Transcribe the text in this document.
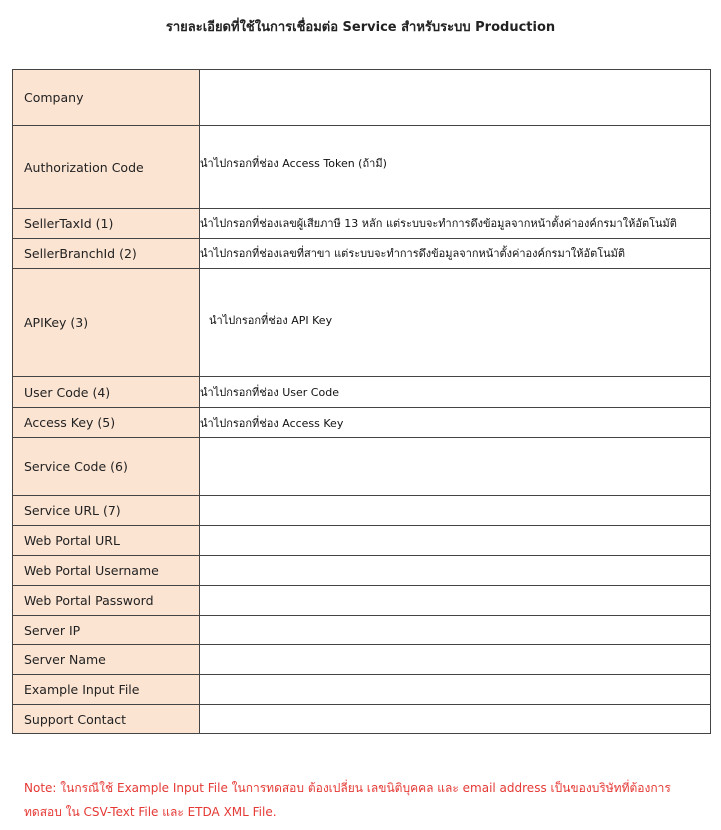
รายละเอียดที่ใช้ในการเชื่อมต่อ Service สำหรับระบบ Production
Company	
Authorization Code	นำไปกรอกที่ช่อง Access Token (ถ้ามี)
SellerTaxId (1)	นำไปกรอกที่ช่องเลขผู้เสียภาษี 13 หลัก แต่ระบบจะทำการดึงข้อมูลจากหน้าตั้งค่าองค์กรมาให้อัตโนมัติ
SellerBranchId (2)	นำไปกรอกที่ช่องเลขที่สาขา แต่ระบบจะทำการดึงข้อมูลจากหน้าตั้งค่าองค์กรมาให้อัตโนมัติ
APIKey (3)	นำไปกรอกที่ช่อง API Key
User Code (4)	นำไปกรอกที่ช่อง User Code
Access Key (5)	นำไปกรอกที่ช่อง Access Key
Service Code (6)	
Service URL (7)	
Web Portal URL	
Web Portal Username	
Web Portal Password	
Server IP	
Server Name	
Example Input File	
Support Contact	
Note: ในกรณีใช้ Example Input File ในการทดสอบ ต้องเปลี่ยน เลขนิติบุคคล และ email address เป็นของบริษัทที่ต้องการทดสอบ ใน CSV-Text File และ ETDA XML File.
